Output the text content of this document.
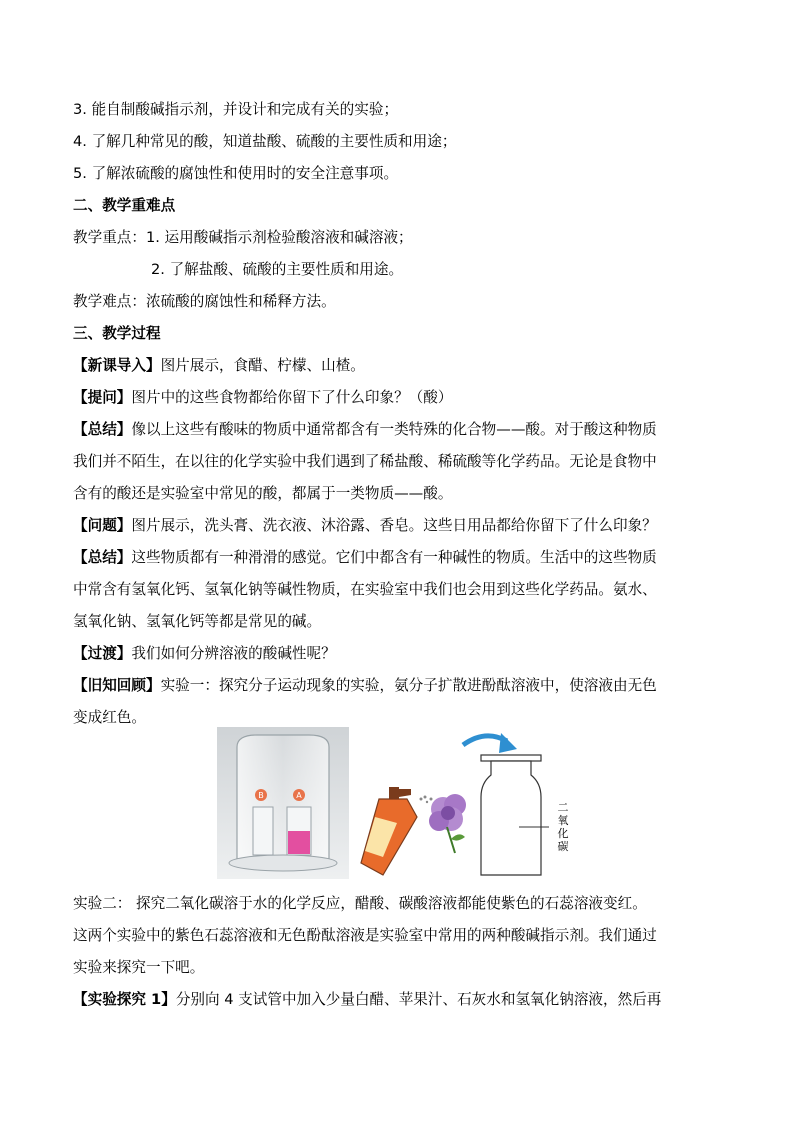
3. 能自制酸碱指示剂，并设计和完成有关的实验；
4. 了解几种常见的酸，知道盐酸、硫酸的主要性质和用途；
5. 了解浓硫酸的腐蚀性和使用时的安全注意事项。
二、教学重难点
教学重点：1. 运用酸碱指示剂检验酸溶液和碱溶液；
2. 了解盐酸、硫酸的主要性质和用途。
教学难点：浓硫酸的腐蚀性和稀释方法。
三、教学过程
【新课导入】图片展示，食醋、柠檬、山楂。
【提问】图片中的这些食物都给你留下了什么印象？（酸）
【总结】像以上这些有酸味的物质中通常都含有一类特殊的化合物——酸。对于酸这种物质
我们并不陌生，在以往的化学实验中我们遇到了稀盐酸、稀硫酸等化学药品。无论是食物中
含有的酸还是实验室中常见的酸，都属于一类物质——酸。
【问题】图片展示，洗头膏、洗衣液、沐浴露、香皂。这些日用品都给你留下了什么印象？
【总结】这些物质都有一种滑滑的感觉。它们中都含有一种碱性的物质。生活中的这些物质
中常含有氢氧化钙、氢氧化钠等碱性物质，在实验室中我们也会用到这些化学药品。氨水、
氢氧化钠、氢氧化钙等都是常见的碱。
【过渡】我们如何分辨溶液的酸碱性呢？
【旧知回顾】实验一：探究分子运动现象的实验，氨分子扩散进酚酞溶液中，使溶液由无色
变成红色。
B	A
二
氧
化
碳
实验二： 探究二氧化碳溶于水的化学反应，醋酸、碳酸溶液都能使紫色的石蕊溶液变红。
这两个实验中的紫色石蕊溶液和无色酚酞溶液是实验室中常用的两种酸碱指示剂。我们通过
实验来探究一下吧。
【实验探究 1】分别向 4 支试管中加入少量白醋、苹果汁、石灰水和氢氧化钠溶液，然后再
